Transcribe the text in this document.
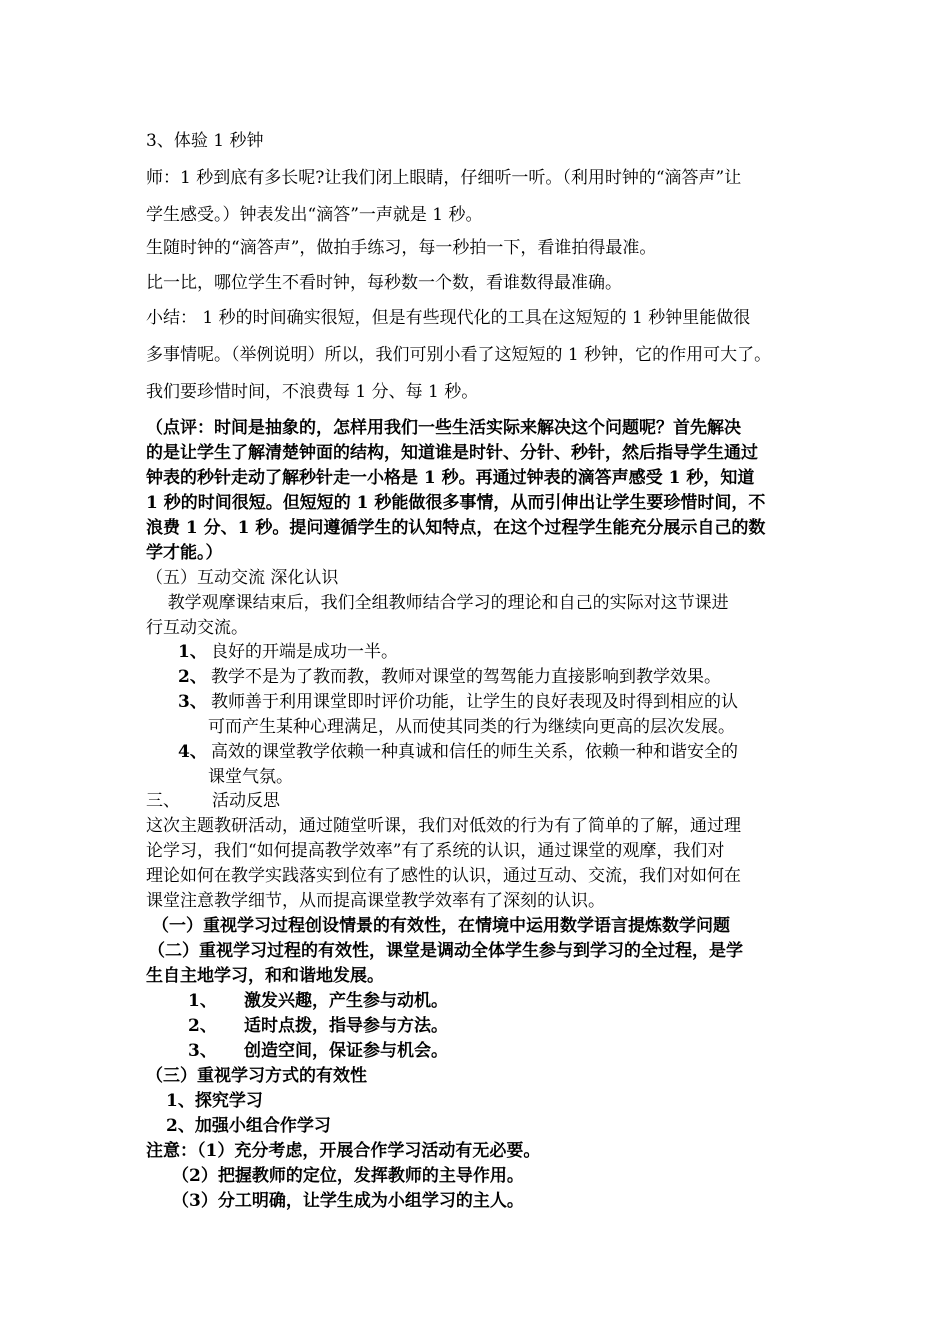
3、体验 1 秒钟
师：1 秒到底有多长呢?让我们闭上眼睛，仔细听一听。（利用时钟的“滴答声”让
学生感受。）钟表发出“滴答”一声就是 1 秒。
生随时钟的“滴答声”，做拍手练习，每一秒拍一下，看谁拍得最准。
比一比，哪位学生不看时钟，每秒数一个数，看谁数得最准确。
小结： 1 秒的时间确实很短，但是有些现代化的工具在这短短的 1 秒钟里能做很
多事情呢。（举例说明）所以，我们可别小看了这短短的 1 秒钟，它的作用可大了。
我们要珍惜时间，不浪费每 1 分、每 1 秒。
（点评：时间是抽象的，怎样用我们一些生活实际来解决这个问题呢？首先解决
的是让学生了解清楚钟面的结构，知道谁是时针、分针、秒针，然后指导学生通过
钟表的秒针走动了解秒针走一小格是 1 秒。再通过钟表的滴答声感受 1 秒，知道
1 秒的时间很短。但短短的 1 秒能做很多事情，从而引伸出让学生要珍惜时间，不
浪费 1 分、1 秒。提问遵循学生的认知特点，在这个过程学生能充分展示自己的数
学才能。）
（五）互动交流 深化认识
教学观摩课结束后，我们全组教师结合学习的理论和自己的实际对这节课进
行互动交流。
1、 良好的开端是成功一半。
2、 教学不是为了教而教，教师对课堂的驾驾能力直接影响到教学效果。
3、 教师善于利用课堂即时评价功能，让学生的良好表现及时得到相应的认
可而产生某种心理满足，从而使其同类的行为继续向更高的层次发展。
4、 高效的课堂教学依赖一种真诚和信任的师生关系，依赖一种和谐安全的
课堂气氛。
三、 活动反思
这次主题教研活动，通过随堂听课，我们对低效的行为有了简单的了解，通过理
论学习，我们“如何提高教学效率”有了系统的认识，通过课堂的观摩，我们对
理论如何在教学实践落实到位有了感性的认识，通过互动、交流，我们对如何在
课堂注意教学细节，从而提高课堂教学效率有了深刻的认识。
（一）重视学习过程创设情景的有效性，在情境中运用数学语言提炼数学问题
（二）重视学习过程的有效性，课堂是调动全体学生参与到学习的全过程，是学
生自主地学习，和和谐地发展。
1、 激发兴趣，产生参与动机。
2、 适时点拨，指导参与方法。
3、 创造空间，保证参与机会。
（三）重视学习方式的有效性
1、探究学习
2、加强小组合作学习
注意：（1）充分考虑，开展合作学习活动有无必要。
（2）把握教师的定位，发挥教师的主导作用。
（3）分工明确，让学生成为小组学习的主人。
